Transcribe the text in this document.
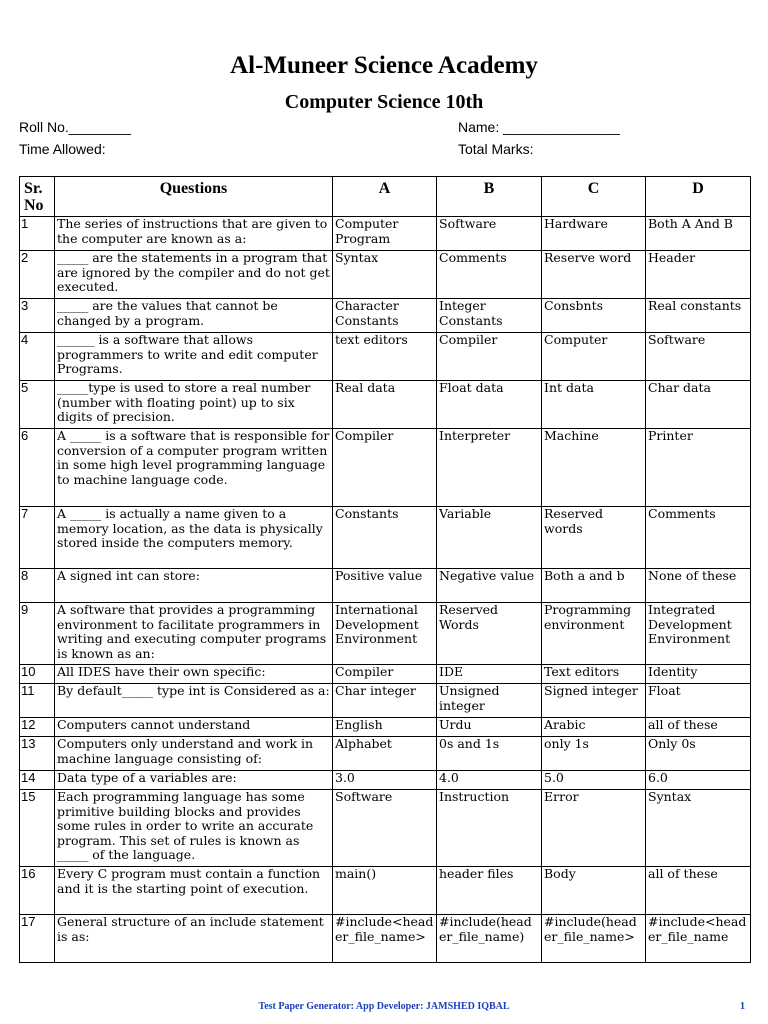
Al-Muneer Science Academy
Computer Science 10th
Roll No.________	Name: _______________
Time Allowed:	Total Marks:
Sr. No	Questions	A	B	C	D
1	The series of instructions that are given to the computer are known as a:	Computer Program	Software	Hardware	Both A And B
2	_____ are the statements in a program that are ignored by the compiler and do not get executed.	Syntax	Comments	Reserve word	Header
3	_____ are the values that cannot be changed by a program.	Character Constants	Integer Constants	Consbnts	Real constants
4	______ is a software that allows programmers to write and edit computer Programs.	text editors	Compiler	Computer	Software
5	_____type is used to store a real number (number with floating point) up to six digits of precision.	Real data	Float data	Int data	Char data
6	A _____ is a software that is responsible for conversion of a computer program written in some high level programming language to machine language code.	Compiler	Interpreter	Machine	Printer
7	A _____ is actually a name given to a memory location, as the data is physically stored inside the computers memory.	Constants	Variable	Reserved words	Comments
8	A signed int can store:	Positive value	Negative value	Both a and b	None of these
9	A software that provides a programming environment to facilitate programmers in writing and executing computer programs is known as an:	International Development Environment	Reserved Words	Programming environment	Integrated Development Environment
10	All IDES have their own specific:	Compiler	IDE	Text editors	Identity
11	By default_____ type int is Considered as a:	Char integer	Unsigned integer	Signed integer	Float
12	Computers cannot understand	English	Urdu	Arabic	all of these
13	Computers only understand and work in machine language consisting of:	Alphabet	0s and 1s	only 1s	Only 0s
14	Data type of a variables are:	3.0	4.0	5.0	6.0
15	Each programming language has some primitive building blocks and provides some rules in order to write an accurate program. This set of rules is known as _____ of the language.	Software	Instruction	Error	Syntax
16	Every C program must contain a function and it is the starting point of execution.	main()	header files	Body	all of these
17	General structure of an include statement is as:	#include<header_file_name>	#include(header_file_name)	#include(header_file_name>	#include<header_file_name
Test Paper Generator: App Developer: JAMSHED IQBAL	1
